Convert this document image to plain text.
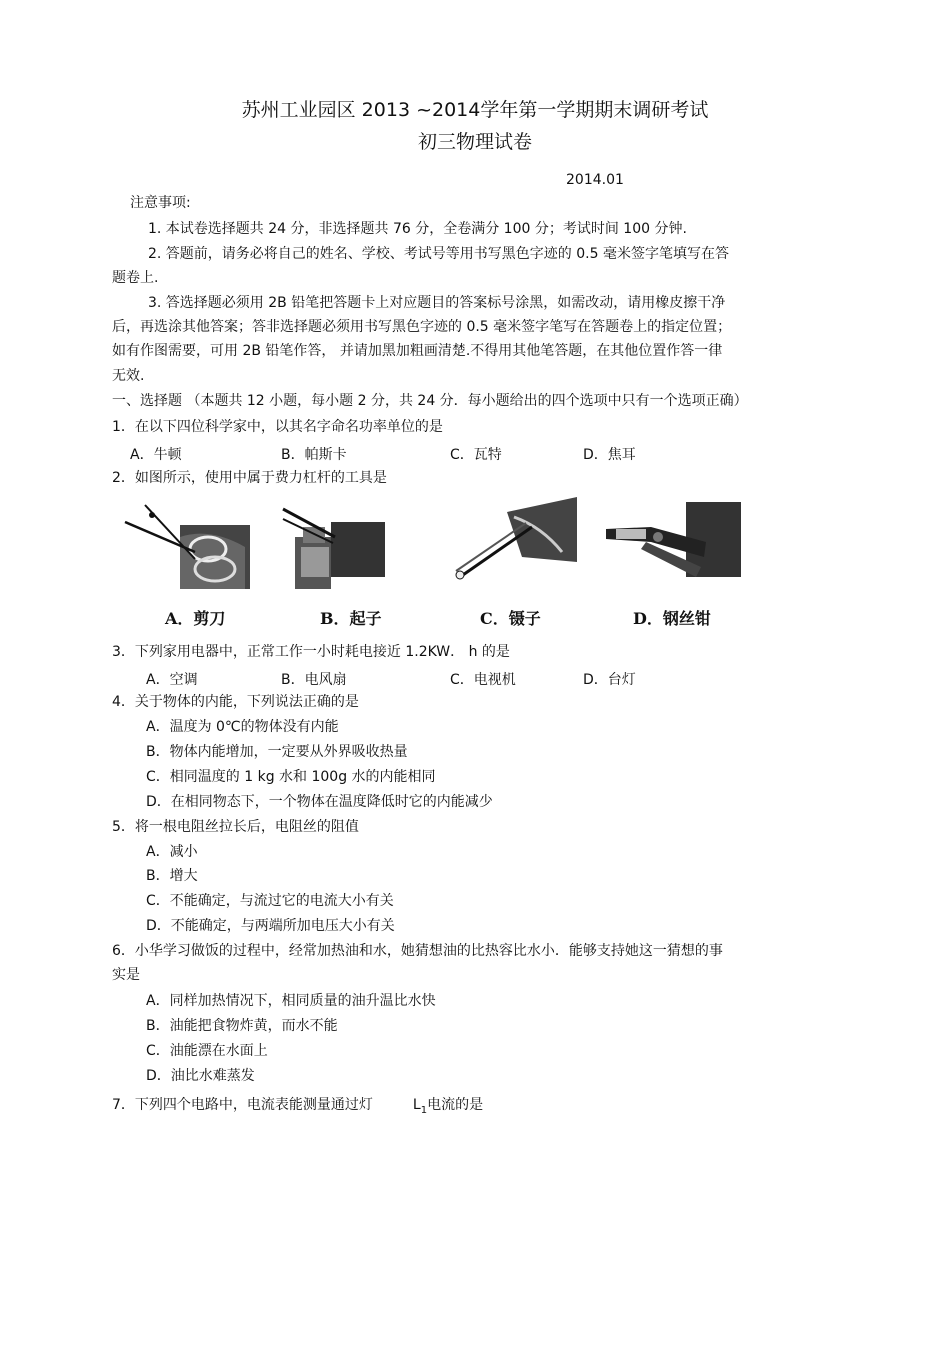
苏州工业园区 2013 ~2014学年第一学期期末调研考试
初三物理试卷
2014.01
注意事项:
1. 本试卷选择题共 24 分，非选择题共 76 分，全卷满分 100 分；考试时间 100 分钟.
2. 答题前，请务必将自己的姓名、学校、考试号等用书写黑色字迹的 0.5 毫米签字笔填写在答
题卷上.
3. 答选择题必须用 2B 铅笔把答题卡上对应题目的答案标号涂黑，如需改动，请用橡皮擦干净
后，再选涂其他答案；答非选择题必须用书写黑色字迹的 0.5 毫米签字笔写在答题卷上的指定位置；
如有作图需要，可用 2B 铅笔作答， 并请加黑加粗画清楚.不得用其他笔答题，在其他位置作答一律
无效.
一、选择题 （本题共 12 小题，每小题 2 分，共 24 分．每小题给出的四个选项中只有一个选项正确）
1．在以下四位科学家中，以其名字命名功率单位的是
A．牛顿	B．帕斯卡	C．瓦特	D．焦耳
2．如图所示，使用中属于费力杠杆的工具是
A．剪刀	B．起子	C．镊子	D．钢丝钳
3．下列家用电器中，正常工作一小时耗电接近 1.2KW． h 的是
A．空调	B．电风扇	C．电视机	D．台灯
4．关于物体的内能，下列说法正确的是
A．温度为 0℃的物体没有内能
B．物体内能增加，一定要从外界吸收热量
C．相同温度的 1 kg 水和 100g 水的内能相同
D．在相同物态下，一个物体在温度降低时它的内能减少
5．将一根电阻丝拉长后，电阻丝的阻值
A．减小
B．增大
C．不能确定，与流过它的电流大小有关
D．不能确定，与两端所加电压大小有关
6．小华学习做饭的过程中，经常加热油和水，她猜想油的比热容比水小．能够支持她这一猜想的事
实是
A．同样加热情况下，相同质量的油升温比水快
B．油能把食物炸黄，而水不能
C．油能漂在水面上
D．油比水难蒸发
7．下列四个电路中，电流表能测量通过灯	$L_1$电流的是
